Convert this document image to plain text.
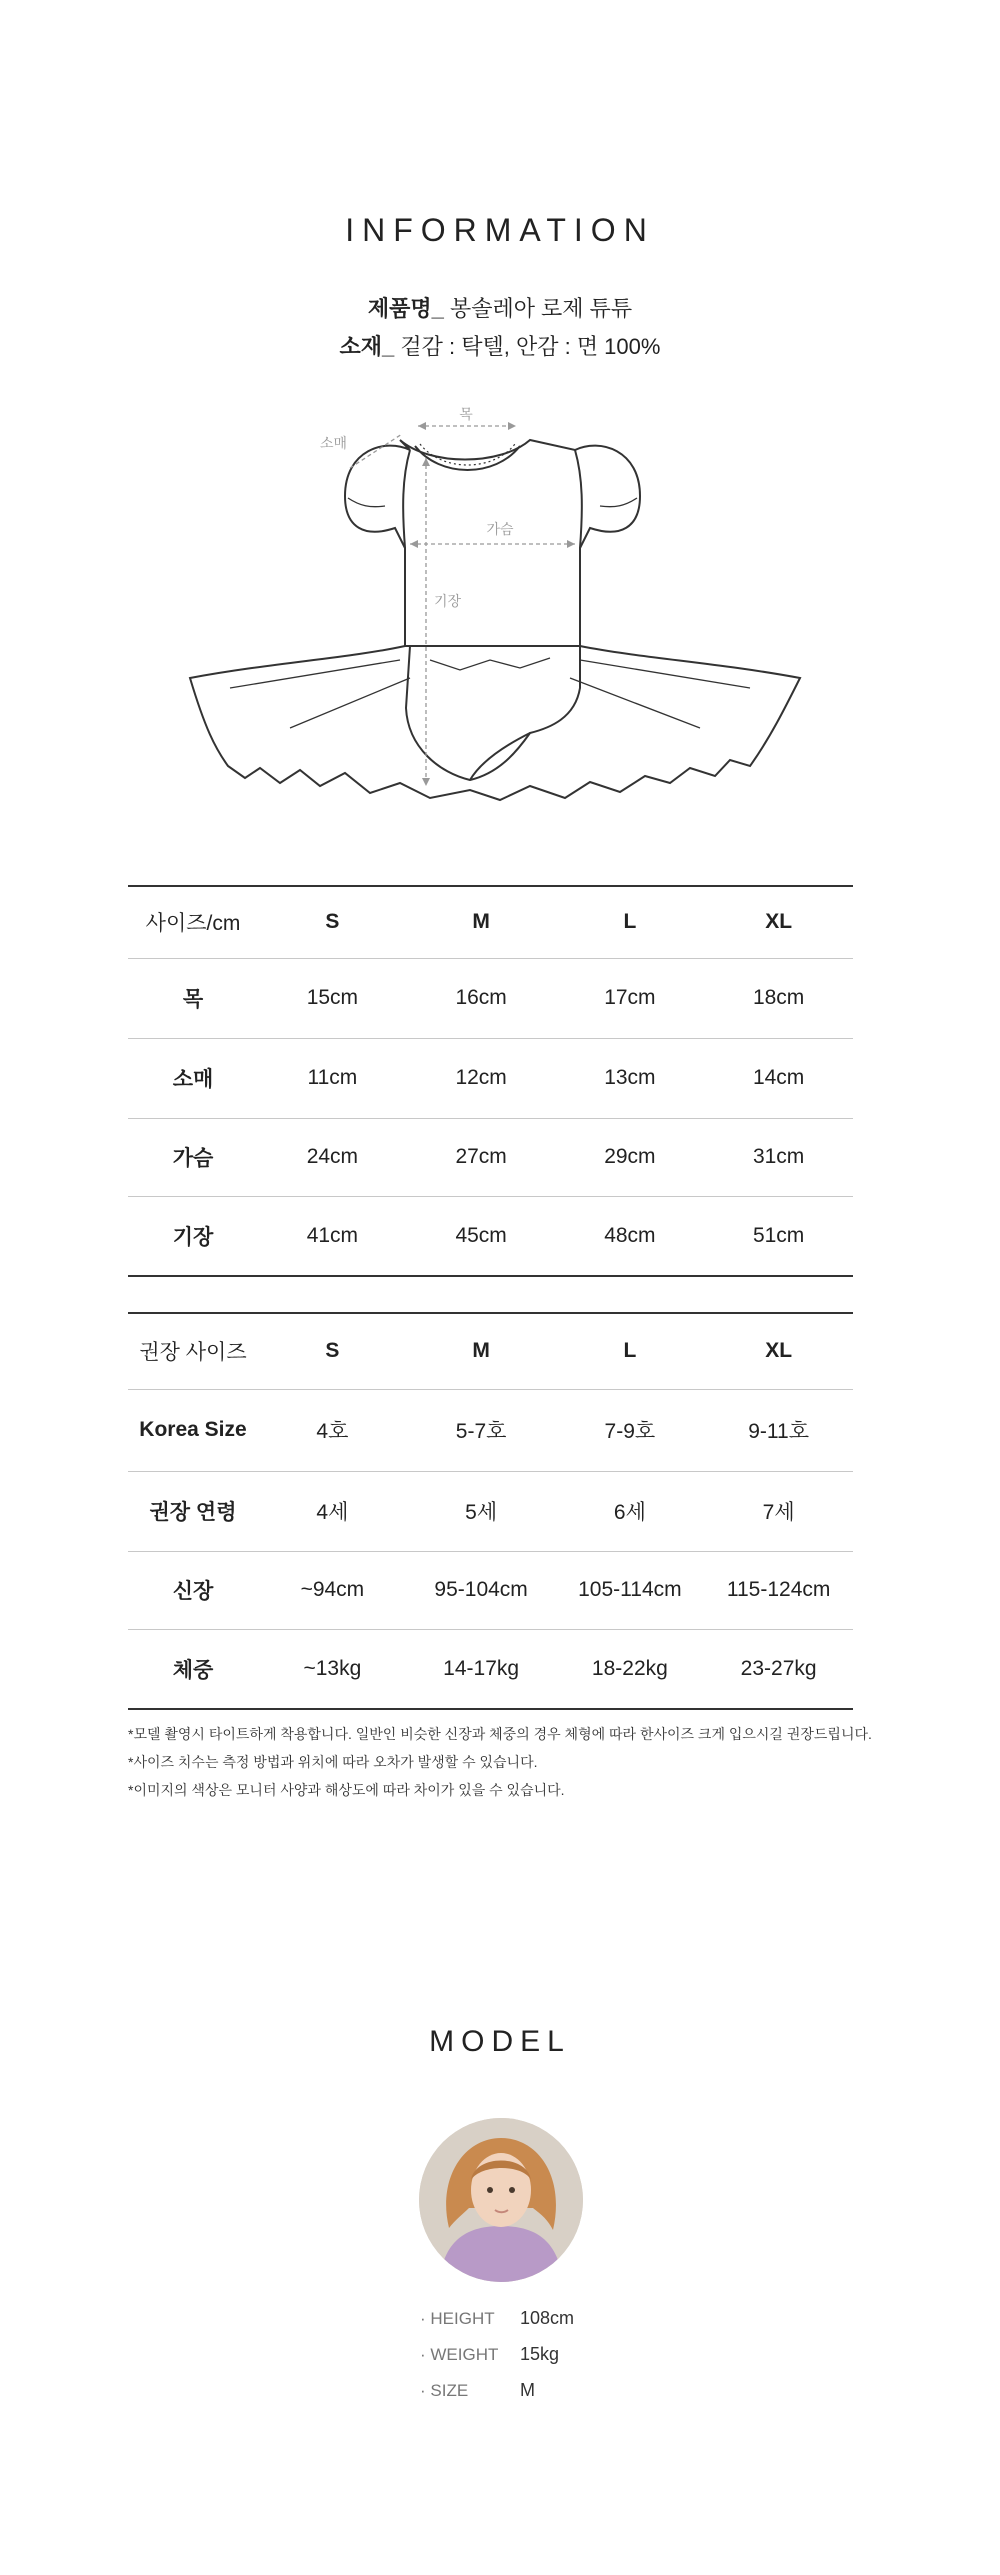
INFORMATION
제품명_ 봉솔레아 로제 튜튜
소재_ 겉감 : 탁텔, 안감 : 면 100%
목
소매
가슴
기장
사이즈/cm	S	M	L	XL
목	15cm	16cm	17cm	18cm
소매	11cm	12cm	13cm	14cm
가슴	24cm	27cm	29cm	31cm
기장	41cm	45cm	48cm	51cm
권장 사이즈	S	M	L	XL
Korea Size	4호	5-7호	7-9호	9-11호
권장 연령	4세	5세	6세	7세
신장	~94cm	95-104cm	105-114cm	115-124cm
체중	~13kg	14-17kg	18-22kg	23-27kg
*모델 촬영시 타이트하게 착용합니다. 일반인 비슷한 신장과 체중의 경우 체형에 따라 한사이즈 크게 입으시길 권장드립니다.
*사이즈 치수는 측정 방법과 위치에 따라 오차가 발생할 수 있습니다.
*이미지의 색상은 모니터 사양과 해상도에 따라 차이가 있을 수 있습니다.
MODEL
· HEIGHT 108cm
· WEIGHT 15kg
· SIZE	M
